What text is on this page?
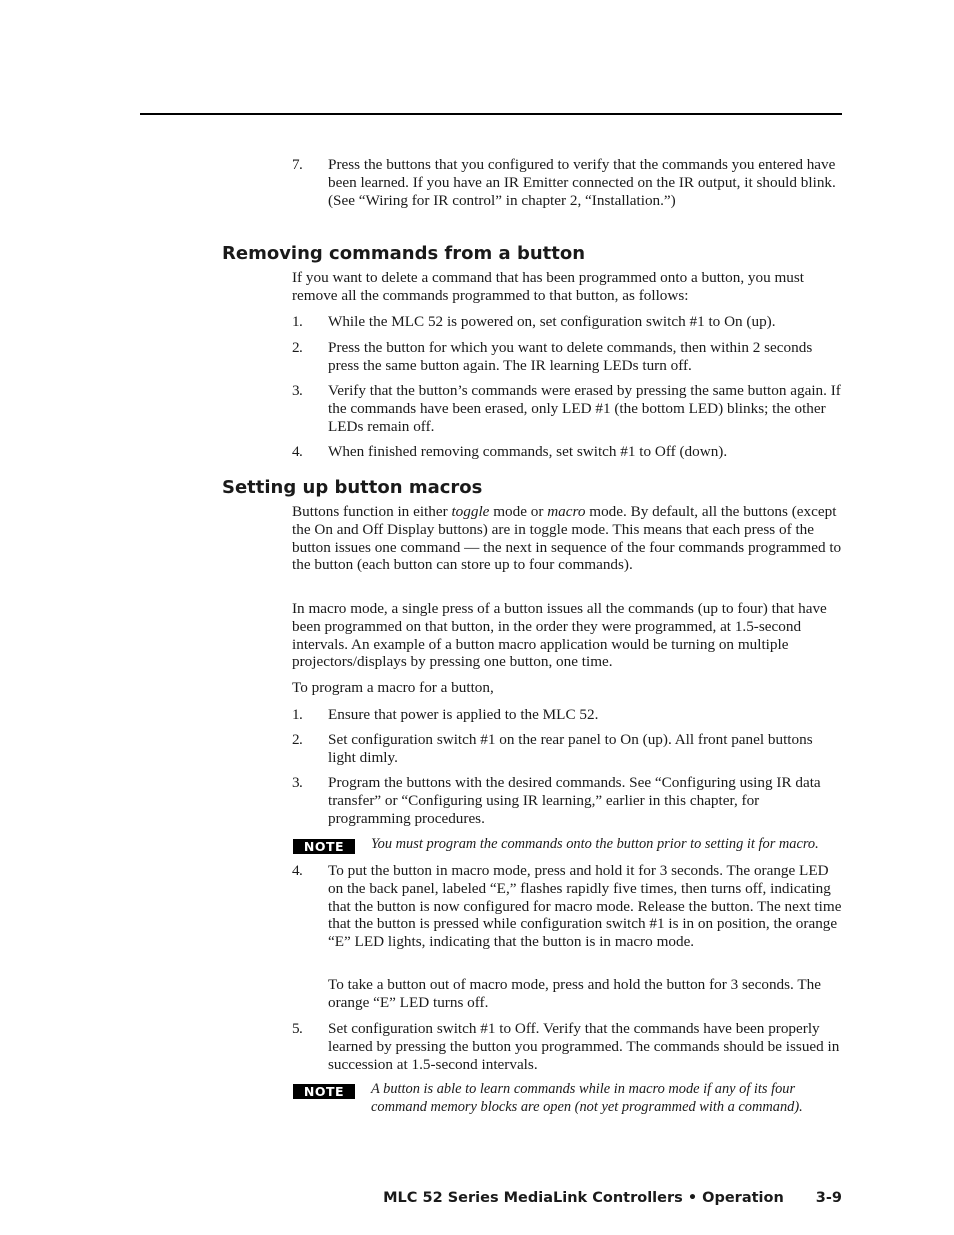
7 . Press the buttons that you configured to verify that the commands you entered have been learned. If you have an IR Emitter connected on the IR output, it should blink. (See “Wiring for IR control” in chapter 2, “Installation.”)

Removing commands from a button

If you want to delete a command that has been programmed onto a button, you must remove all the commands programmed to that button, as follows:

1 . While the MLC 52 is powered on, set configuration switch #1 to On (up).

2 . Press the button for which you want to delete commands, then within 2 seconds press the same button again. The IR learning LEDs turn off.

3 . Verify that the button’s commands were erased by pressing the same button again. If the commands have been erased, only LED #1 (the bottom LED) blinks; the other LEDs remain off.

4 . When finished removing commands, set switch #1 to Off (down).

Setting up button macros

Buttons function in either toggle mode or macro mode. By default, all the buttons (except the On and Off Display buttons) are in toggle mode. This means that each press of the button issues one command — the next in sequence of the four commands programmed to the button (each button can store up to four commands).

In macro mode, a single press of a button issues all the commands (up to four) that have been programmed on that button, in the order they were programmed, at 1.5-second intervals. An example of a button macro application would be turning on multiple projectors/displays by pressing one button, one time.

To program a macro for a button,

1 . Ensure that power is applied to the MLC 52.

2 . Set configuration switch #1 on the rear panel to On (up). All front panel buttons light dimly.

3 . Program the buttons with the desired commands. See “Configuring using IR data transfer” or “Configuring using IR learning,” earlier in this chapter, for programming procedures.

NOTE	You must program the commands onto the button prior to setting it for macro.

4 . To put the button in macro mode, press and hold it for 3 seconds. The orange LED on the back panel, labeled “E,” flashes rapidly five times, then turns off, indicating that the button is now configured for macro mode. Release the button. The next time that the button is pressed while configuration switch #1 is in on position, the orange “E” LED lights, indicating that the button is in macro mode.

To take a button out of macro mode, press and hold the button for 3 seconds. The orange “E” LED turns off.

5 . Set configuration switch #1 to Off. Verify that the commands have been properly learned by pressing the button you programmed. The commands should be issued in succession at 1.5-second intervals.

NOTE	A button is able to learn commands while in macro mode if any of its four command memory blocks are open (not yet programmed with a command).

MLC 52 Series MediaLink Controllers • Operation 3-9
